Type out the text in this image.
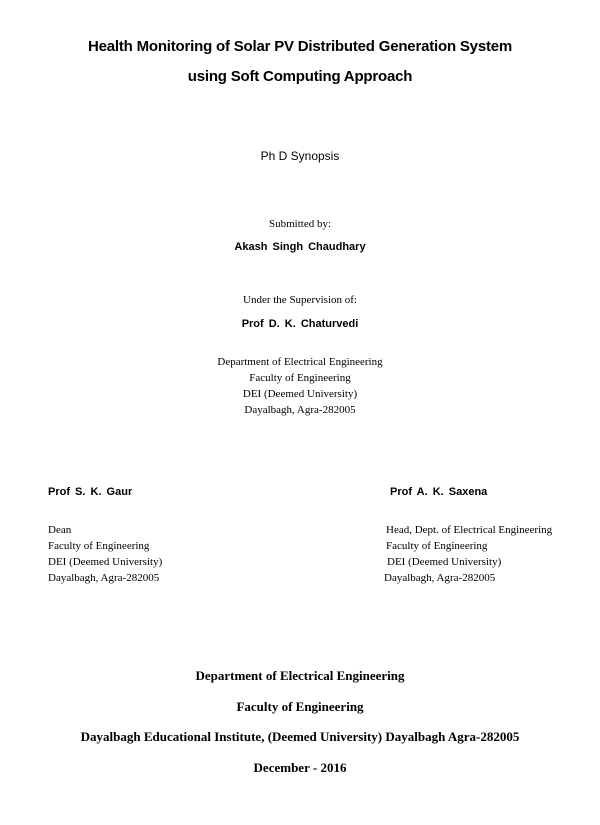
Health Monitoring of Solar PV Distributed Generation System
using Soft Computing Approach
Ph D Synopsis
Submitted by:
Akash Singh Chaudhary
Under the Supervision of:
Prof D. K. Chaturvedi
Department of Electrical Engineering
Faculty of Engineering
DEI (Deemed University)
Dayalbagh, Agra-282005
Prof S. K. Gaur
Dean
Faculty of Engineering
DEI (Deemed University)
Dayalbagh, Agra-282005
Prof A. K. Saxena
Head, Dept. of Electrical Engineering
Faculty of Engineering
DEI (Deemed University)
Dayalbagh, Agra-282005
Department of Electrical Engineering
Faculty of Engineering
Dayalbagh Educational Institute, (Deemed University) Dayalbagh Agra-282005
December - 2016
